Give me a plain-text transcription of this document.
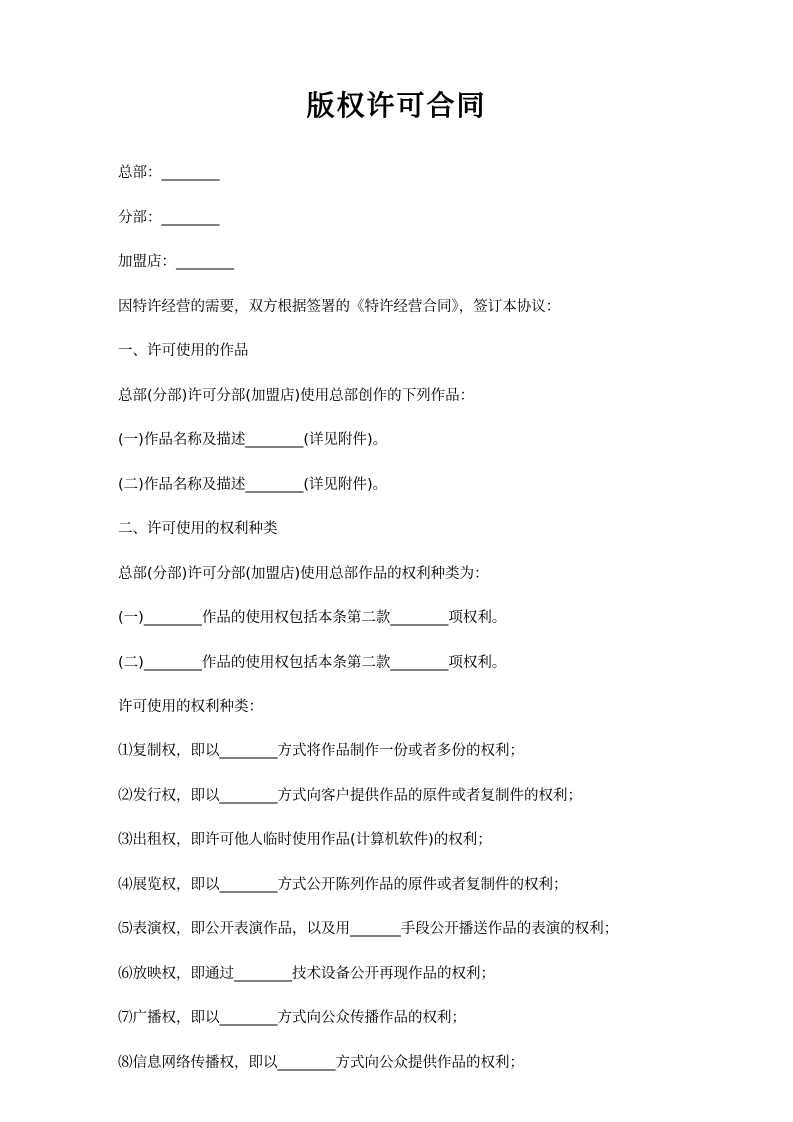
版权许可合同

总部：________

分部：________

加盟店：________

因特许经营的需要，双方根据签署的《特许经营合同》，签订本协议：

一、许可使用的作品

总部(分部)许可分部(加盟店)使用总部创作的下列作品：

(一)作品名称及描述________(详见附件)。

(二)作品名称及描述________(详见附件)。

二、许可使用的权利种类

总部(分部)许可分部(加盟店)使用总部作品的权利种类为：

(一)________作品的使用权包括本条第二款________项权利。

(二)________作品的使用权包括本条第二款________项权利。

许可使用的权利种类：

⑴复制权，即以________方式将作品制作一份或者多份的权利；

⑵发行权，即以________方式向客户提供作品的原件或者复制件的权利；

⑶出租权，即许可他人临时使用作品(计算机软件)的权利；

⑷展览权，即以________方式公开陈列作品的原件或者复制件的权利；

⑸表演权，即公开表演作品，以及用_______手段公开播送作品的表演的权利；

⑹放映权，即通过________技术设备公开再现作品的权利；

⑺广播权，即以________方式向公众传播作品的权利；

⑻信息网络传播权，即以________方式向公众提供作品的权利；
